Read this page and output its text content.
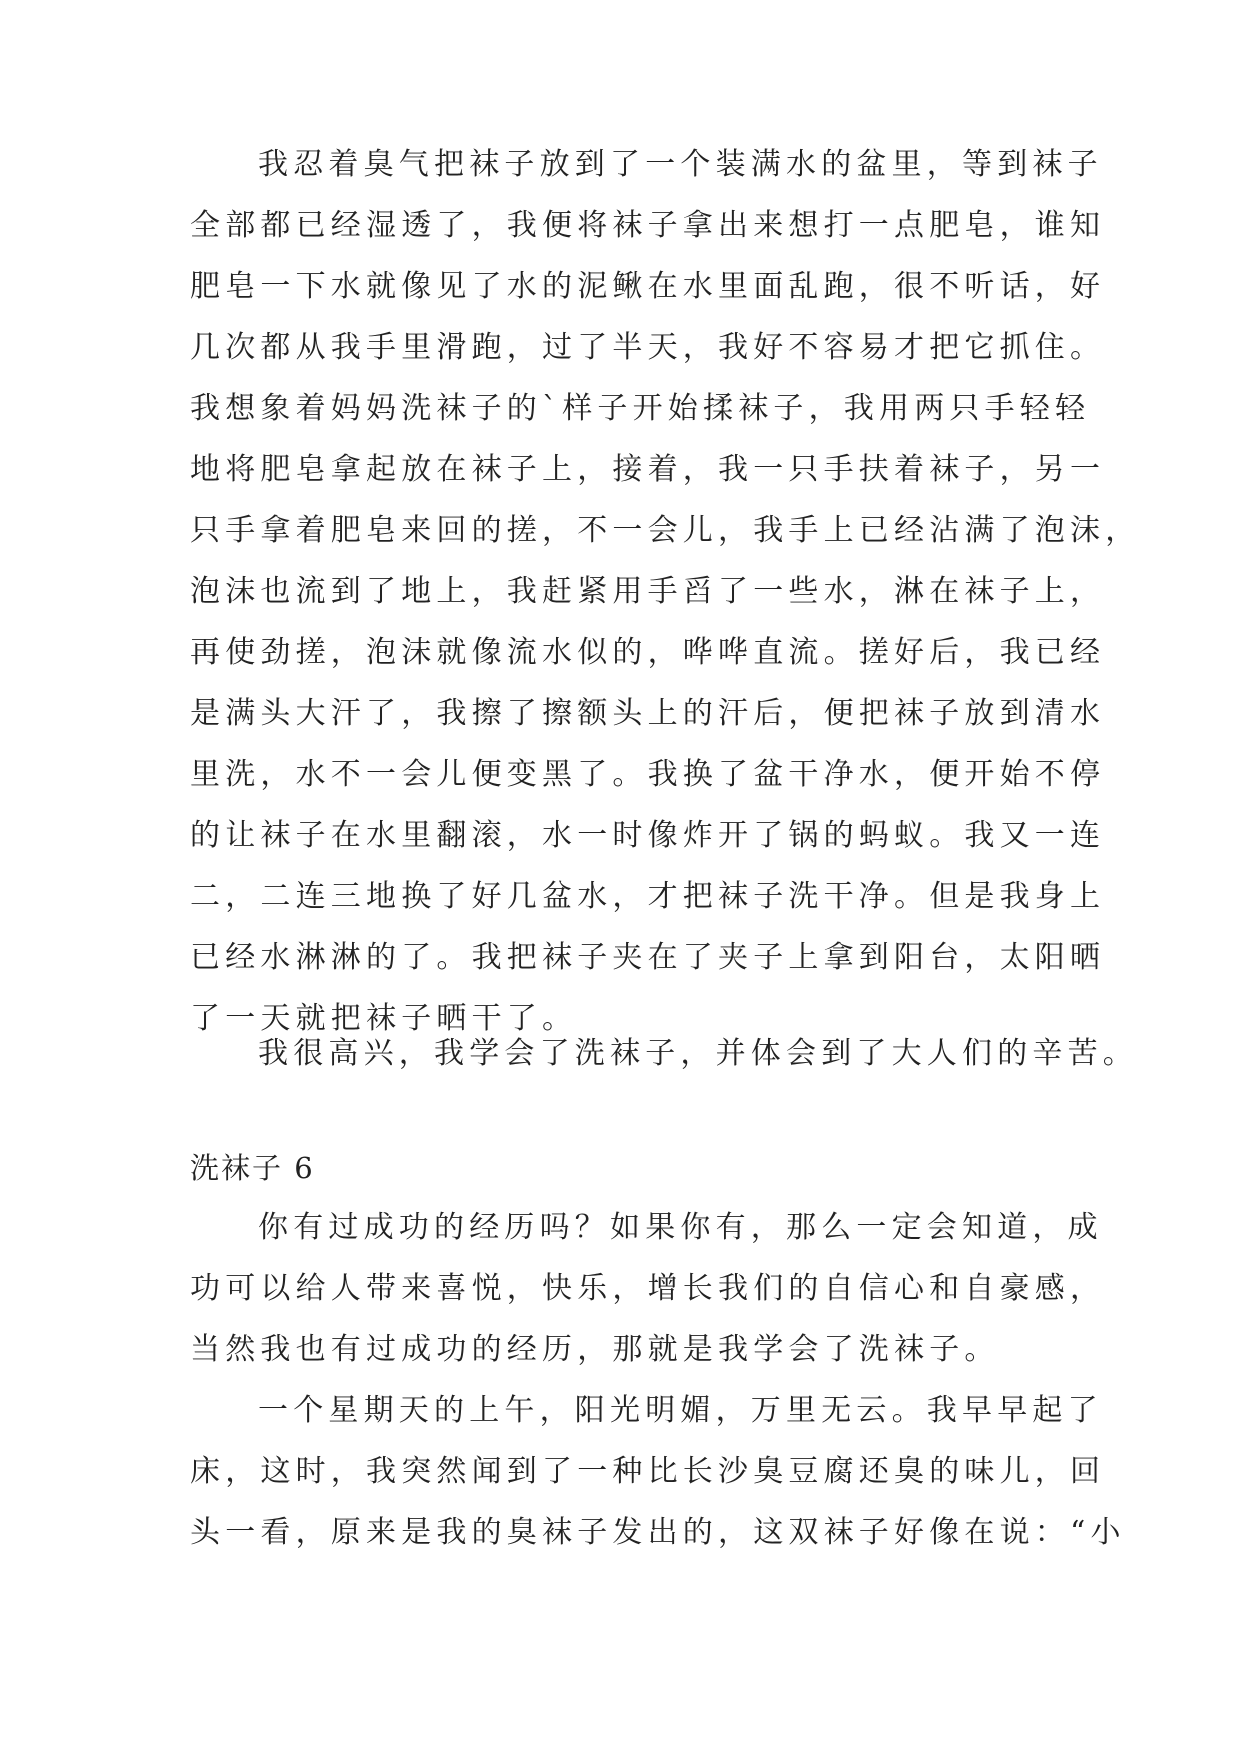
我忍着臭气把袜子放到了一个装满水的盆里，等到袜子
全部都已经湿透了，我便将袜子拿出来想打一点肥皂，谁知
肥皂一下水就像见了水的泥鳅在水里面乱跑，很不听话，好
几次都从我手里滑跑，过了半天，我好不容易才把它抓住。
我想象着妈妈洗袜子的`样子开始揉袜子，我用两只手轻轻
地将肥皂拿起放在袜子上，接着，我一只手扶着袜子，另一
只手拿着肥皂来回的搓，不一会儿，我手上已经沾满了泡沫，
泡沫也流到了地上，我赶紧用手舀了一些水，淋在袜子上，
再使劲搓，泡沫就像流水似的，哗哗直流。搓好后，我已经
是满头大汗了，我擦了擦额头上的汗后，便把袜子放到清水
里洗，水不一会儿便变黑了。我换了盆干净水，便开始不停
的让袜子在水里翻滚，水一时像炸开了锅的蚂蚁。我又一连
二，二连三地换了好几盆水，才把袜子洗干净。但是我身上
已经水淋淋的了。我把袜子夹在了夹子上拿到阳台，太阳晒
了一天就把袜子晒干了。
我很高兴，我学会了洗袜子，并体会到了大人们的辛苦。
洗袜子 6
你有过成功的经历吗？如果你有，那么一定会知道，成
功可以给人带来喜悦，快乐，增长我们的自信心和自豪感，
当然我也有过成功的经历，那就是我学会了洗袜子。
一个星期天的上午，阳光明媚，万里无云。我早早起了
床，这时，我突然闻到了一种比长沙臭豆腐还臭的味儿，回
头一看，原来是我的臭袜子发出的，这双袜子好像在说：“小
